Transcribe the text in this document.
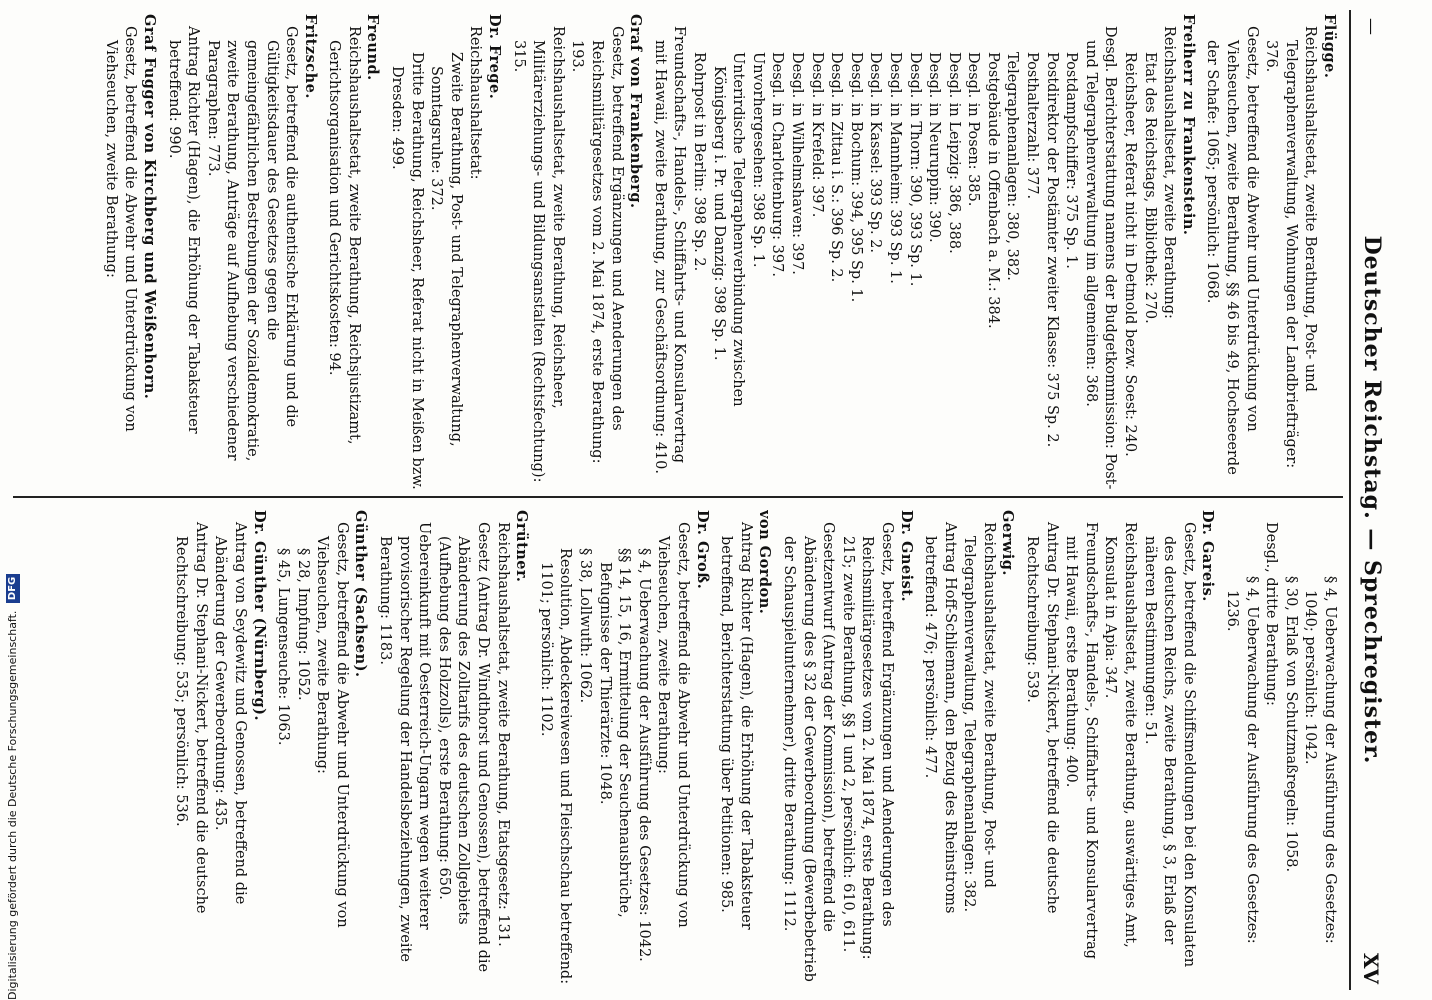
—
Deutscher Reichstag. — Sprechregister.
XV
Flügge.
Reichshaushaltsetat, zweite Berathung, Post- und Telegraphenverwaltung, Wohnungen der Landbriefträger: 376.
Gesetz, betreffend die Abwehr und Unterdrückung von Viehseuchen, zweite Berathung, §§ 46 bis 49, Hochseeerde der Schafe: 1065; persönlich: 1068.
Freiherr zu Frankenstein.
Reichshaushaltsetat, zweite Berathung:
Etat des Reichstags, Bibliothek: 270.
Reichsheer, Referat nicht in Detmold bezw. Soest: 240.
Desgl. Berichterstattung namens der Budgetkommission: Post- und Telegraphenverwaltung im allgemeinen: 368.
Postdampfschiffer: 375 Sp. 1.
Postdirektor der Postämter zweiter Klasse: 375 Sp. 2.
Posthalterzahl: 377.
Telegraphenanlagen: 380, 382.
Postgebäude in Offenbach a. M.: 384.
Desgl. in Posen: 385.
Desgl. in Leipzig: 386, 388.
Desgl. in Neuruppin: 390.
Desgl. in Thorn: 390, 393 Sp. 1.
Desgl. in Mannheim: 393 Sp. 1.
Desgl. in Kassel: 393 Sp. 2.
Desgl. in Bochum: 394, 395 Sp. 1.
Desgl. in Zittau i. S.: 396 Sp. 2.
Desgl. in Krefeld: 397.
Desgl. in Wilhelmshaven: 397.
Desgl. in Charlottenburg: 397.
Unvorhergesehen: 398 Sp. 1.
Unterirdische Telegraphenverbindung zwischen Königsberg i. Pr. und Danzig: 398 Sp. 1.
Rohrpost in Berlin: 398 Sp. 2.
Freundschafts-, Handels-, Schiffahrts- und Konsularvertrag mit Hawaii, zweite Berathung, zur Geschäftsordnung: 410.
Graf von Frankenberg.
Gesetz, betreffend Ergänzungen und Aenderungen des Reichsmilitärgesetzes vom 2. Mai 1874, erste Berathung: 193.
Reichshaushaltsetat, zweite Berathung, Reichsheer, Militärerziehungs- und Bildungsanstalten (Rechtsfechtung): 315.
Dr. Frege.
Reichshaushaltsetat:
Zweite Berathung, Post- und Telegraphenverwaltung, Sonntagsruhe: 372.
Dritte Berathung, Reichsheer, Referat nicht in Meißen bzw. Dresden: 499.
Freund.
Reichshaushaltsetat, zweite Berathung, Reichsjustizamt, Gerichtsorganisation und Gerichtskosten: 94.
Fritzsche.
Gesetz, betreffend die authentische Erklärung und die Gültigkeitsdauer des Gesetzes gegen die gemeingefährlichen Bestrebungen der Sozialdemokratie, zweite Berathung, Anträge auf Aufhebung verschiedener Paragraphen: 773.
Antrag Richter (Hagen), die Erhöhung der Tabaksteuer betreffend: 990.
Graf Fugger von Kirchberg und Weißenhorn.
Gesetz, betreffend die Abwehr und Unterdrückung von Viehseuchen, zweite Berathung:
§ 4, Ueberwachung der Ausführung des Gesetzes: 1040; persönlich: 1042.
§ 30, Erlaß von Schutzmaßregeln: 1058.
Desgl., dritte Berathung:
§ 4, Ueberwachung der Ausführung des Gesetzes: 1236.
Dr. Gareis.
Gesetz, betreffend die Schiffsmeldungen bei den Konsulaten des deutschen Reichs, zweite Berathung, § 3, Erlaß der näheren Bestimmungen: 51.
Reichshaushaltsetat, zweite Berathung, auswärtiges Amt, Konsulat in Apia: 347.
Freundschafts-, Handels-, Schiffahrts- und Konsularvertrag mit Hawaii, erste Berathung: 400.
Antrag Dr. Stephani-Nickert, betreffend die deutsche Rechtschreibung: 539.
Gerwig.
Reichshaushaltsetat, zweite Berathung, Post- und Telegraphenverwaltung, Telegraphenanlagen: 382.
Antrag Hoff-Schliemann, den Bezug des Rheinstroms betreffend: 476; persönlich: 477.
Dr. Gneist.
Gesetz, betreffend Ergänzungen und Aenderungen des Reichsmilitärgesetzes vom 2. Mai 1874, erste Berathung: 215; zweite Berathung, §§ 1 und 2, persönlich: 610, 611.
Gesetzentwurf (Antrag der Kommission), betreffend die Abänderung des § 32 der Gewerbeordnung (Bewerbebetrieb der Schauspielunternehmer), dritte Berathung: 1112.
von Gordon.
Antrag Richter (Hagen), die Erhöhung der Tabaksteuer betreffend, Berichterstattung über Petitionen: 985.
Dr. Groß.
Gesetz, betreffend die Abwehr und Unterdrückung von Viehseuchen, zweite Berathung:
§ 4, Ueberwachung der Ausführung des Gesetzes: 1042.
§§ 14, 15, 16, Ermittelung der Seuchenausbrüche, Befugnisse der Thierärzte: 1048.
§ 38, Lollwuth: 1062.
Resolution, Abdeckereiwesen und Fleischschau betreffend: 1101; persönlich: 1102.
Grütner.
Reichshaushaltsetat, zweite Berathung, Etatsgesetz: 131.
Gesetz (Antrag Dr. Windthorst und Genossen), betreffend die Abänderung des Zolltarifs des deutschen Zollgebiets (Aufhebung des Holzzolls), erste Berathung: 650.
Uebereinkunft mit Oesterreich-Ungarn wegen weiterer provisorischer Regelung der Handelsbeziehungen, zweite Berathung: 1183.
Günther (Sachsen).
Gesetz, betreffend die Abwehr und Unterdrückung von Viehseuchen, zweite Berathung:
§ 28, Impfung: 1052.
§ 45, Lungenseuche: 1063.
Dr. Günther (Nürnberg).
Antrag von Seydewitz und Genossen, betreffend die Abänderung der Gewerbeordnung: 435.
Antrag Dr. Stephani-Nickert, betreffend die deutsche Rechtschreibung: 535; persönlich: 536.
Digitalisierung gefördert durch die Deutsche Forschungsgemeinschaft. DFG
